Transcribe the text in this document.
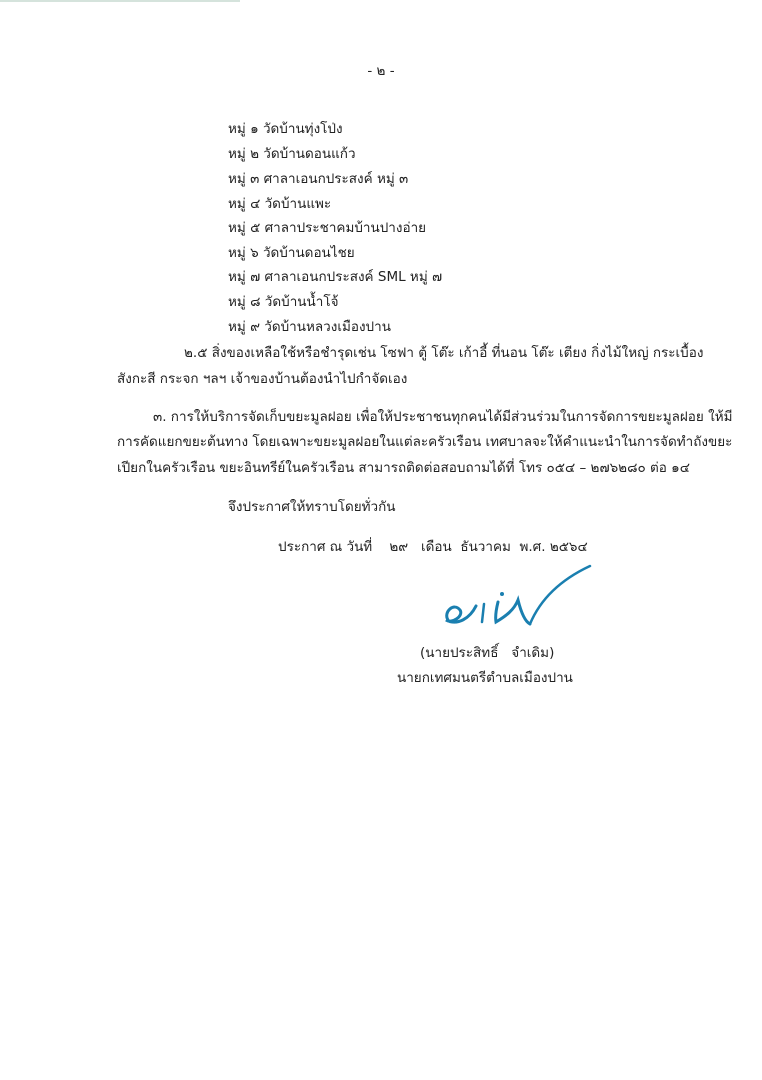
- ๒ -
หมู่ ๑ วัดบ้านทุ่งโป่ง
หมู่ ๒ วัดบ้านดอนแก้ว
หมู่ ๓ ศาลาเอนกประสงค์ หมู่ ๓
หมู่ ๔ วัดบ้านแพะ
หมู่ ๕ ศาลาประชาคมบ้านปางอ่าย
หมู่ ๖ วัดบ้านดอนไชย
หมู่ ๗ ศาลาเอนกประสงค์ SML หมู่ ๗
หมู่ ๘ วัดบ้านน้ำโจ้
หมู่ ๙ วัดบ้านหลวงเมืองปาน
๒.๕ สิ่งของเหลือใช้หรือชำรุดเช่น โซฟา ตู้ โต๊ะ เก้าอี้ ที่นอน โต๊ะ เตียง กิ่งไม้ใหญ่ กระเบื้อง
สังกะสี กระจก ฯลฯ เจ้าของบ้านต้องนำไปกำจัดเอง
๓. การให้บริการจัดเก็บขยะมูลฝอย เพื่อให้ประชาชนทุกคนได้มีส่วนร่วมในการจัดการขยะมูลฝอย ให้มี
การคัดแยกขยะต้นทาง โดยเฉพาะขยะมูลฝอยในแต่ละครัวเรือน เทศบาลจะให้คำแนะนำในการจัดทำถังขยะ
เปียกในครัวเรือน ขยะอินทรีย์ในครัวเรือน สามารถติดต่อสอบถามได้ที่ โทร ๐๕๔ – ๒๗๖๒๘๐ ต่อ ๑๔
จึงประกาศให้ทราบโดยทั่วกัน
ประกาศ ณ วันที่    ๒๙   เดือน  ธันวาคม  พ.ศ. ๒๕๖๔
(นายประสิทธิ์   จำเดิม)
นายกเทศมนตรีตำบลเมืองปาน
